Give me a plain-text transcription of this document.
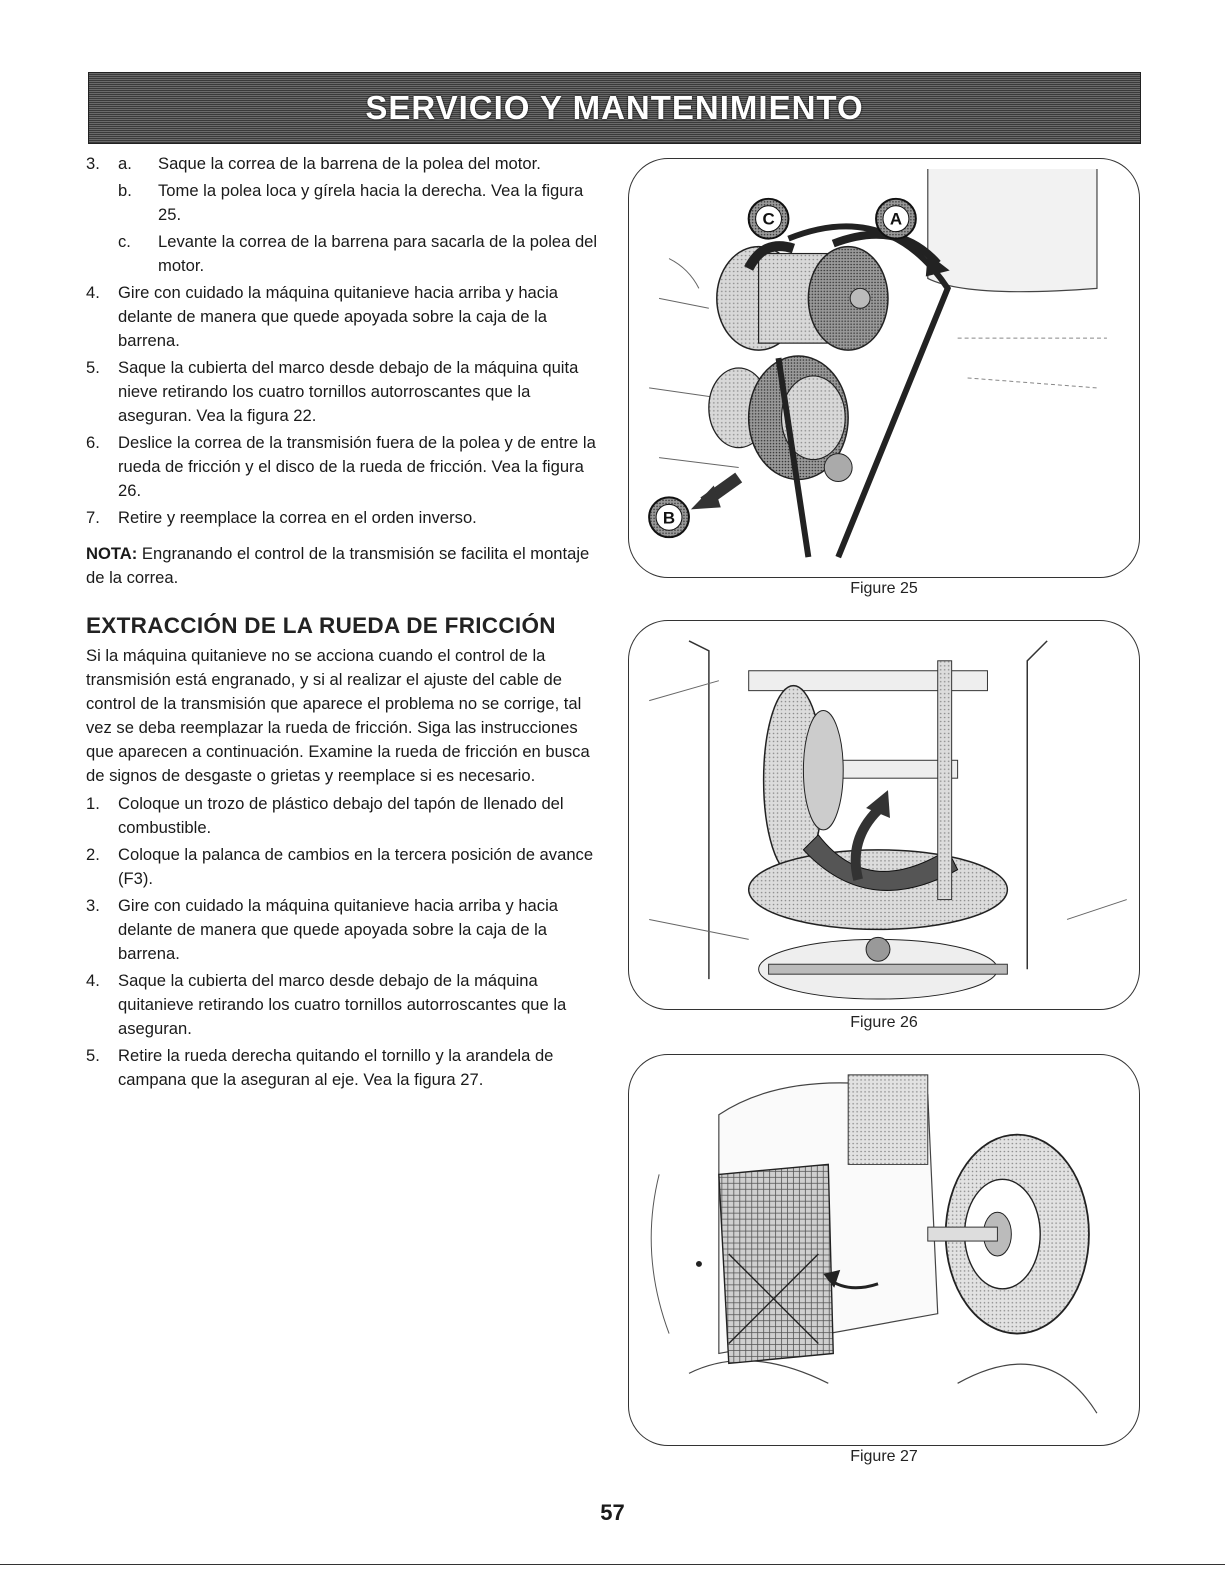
SERVICIO Y MANTENIMIENTO
3.	a.	Saque la correa de la barrena de la polea del motor.
b.	Tome la polea loca y gírela hacia la derecha. Vea la figura 25.
c.	Levante la correa de la barrena para sacarla de la polea del motor.
4.	Gire con cuidado la máquina quitanieve hacia arriba y hacia delante de manera que quede apoyada sobre la caja de la barrena.
5.	Saque la cubierta del marco desde debajo de la máquina quita nieve retirando los cuatro tornillos autorroscantes que la aseguran. Vea la figura 22.
6.	Deslice la correa de la transmisión fuera de la polea y de entre la rueda de fricción y el disco de la rueda de fricción. Vea la figura 26.
7.	Retire y reemplace la correa en el orden inverso.
NOTA: Engranando el control de la transmisión se facilita el montaje de la correa.
EXTRACCIÓN DE LA RUEDA DE FRICCIÓN

Si la máquina quitanieve no se acciona cuando el control de la transmisión está engranado, y si al realizar el ajuste del cable de control de la transmisión que aparece el problema no se corrige, tal vez se deba reemplazar la rueda de fricción. Siga las instrucciones que aparecen a continuación. Examine la rueda de fricción en busca de signos de desgaste o grietas y reemplace si es necesario.

1.	Coloque un trozo de plástico debajo del tapón de llenado del combustible.
2.	Coloque la palanca de cambios en la tercera posición de avance (F3).
3.	Gire con cuidado la máquina quitanieve hacia arriba y hacia delante de manera que quede apoyada sobre la caja de la barrena.
4.	Saque la cubierta del marco desde debajo de la máquina quitanieve retirando los cuatro tornillos autorroscantes que la aseguran.
5.	Retire la rueda derecha quitando el tornillo y la arandela de campana que la aseguran al eje. Vea la figura 27.
C	A
B
Figure 25
Figure 26
Figure 27
57
